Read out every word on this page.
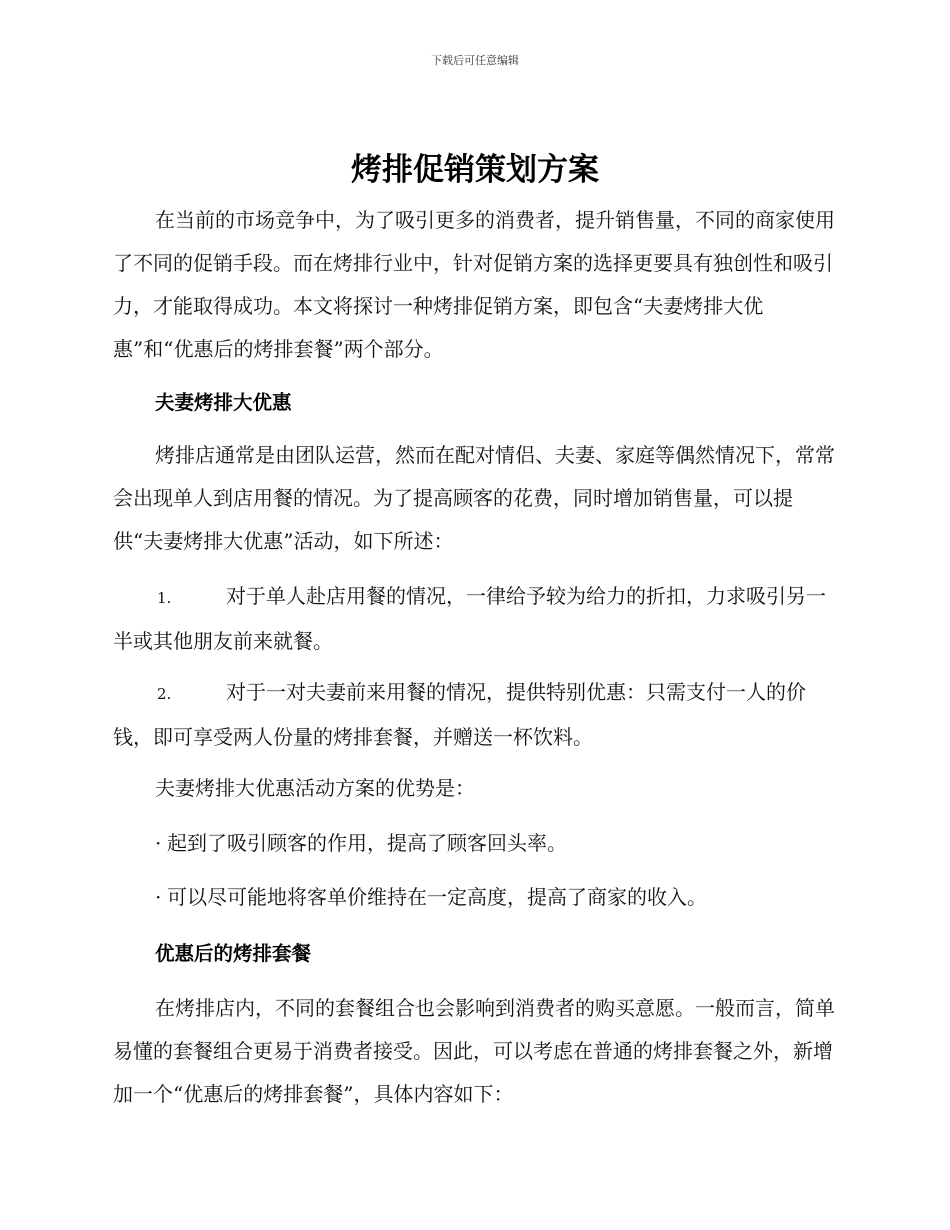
下载后可任意编辑
烤排促销策划方案

在当前的市场竞争中，为了吸引更多的消费者，提升销售量，不同的商家使用了不同的促销手段。而在烤排行业中，针对促销方案的选择更要具有独创性和吸引力，才能取得成功。本文将探讨一种烤排促销方案，即包含“夫妻烤排大优惠”和“优惠后的烤排套餐”两个部分。

夫妻烤排大优惠

烤排店通常是由团队运营，然而在配对情侣、夫妻、家庭等偶然情况下，常常会出现单人到店用餐的情况。为了提高顾客的花费，同时增加销售量，可以提供“夫妻烤排大优惠”活动，如下所述：

1.	对于单人赴店用餐的情况，一律给予较为给力的折扣，力求吸引另一半或其他朋友前来就餐。

2.	对于一对夫妻前来用餐的情况，提供特别优惠：只需支付一人的价钱，即可享受两人份量的烤排套餐，并赠送一杯饮料。

夫妻烤排大优惠活动方案的优势是：

· 起到了吸引顾客的作用，提高了顾客回头率。

· 可以尽可能地将客单价维持在一定高度，提高了商家的收入。

优惠后的烤排套餐

在烤排店内，不同的套餐组合也会影响到消费者的购买意愿。一般而言，简单易懂的套餐组合更易于消费者接受。因此，可以考虑在普通的烤排套餐之外，新增加一个“优惠后的烤排套餐”，具体内容如下：
